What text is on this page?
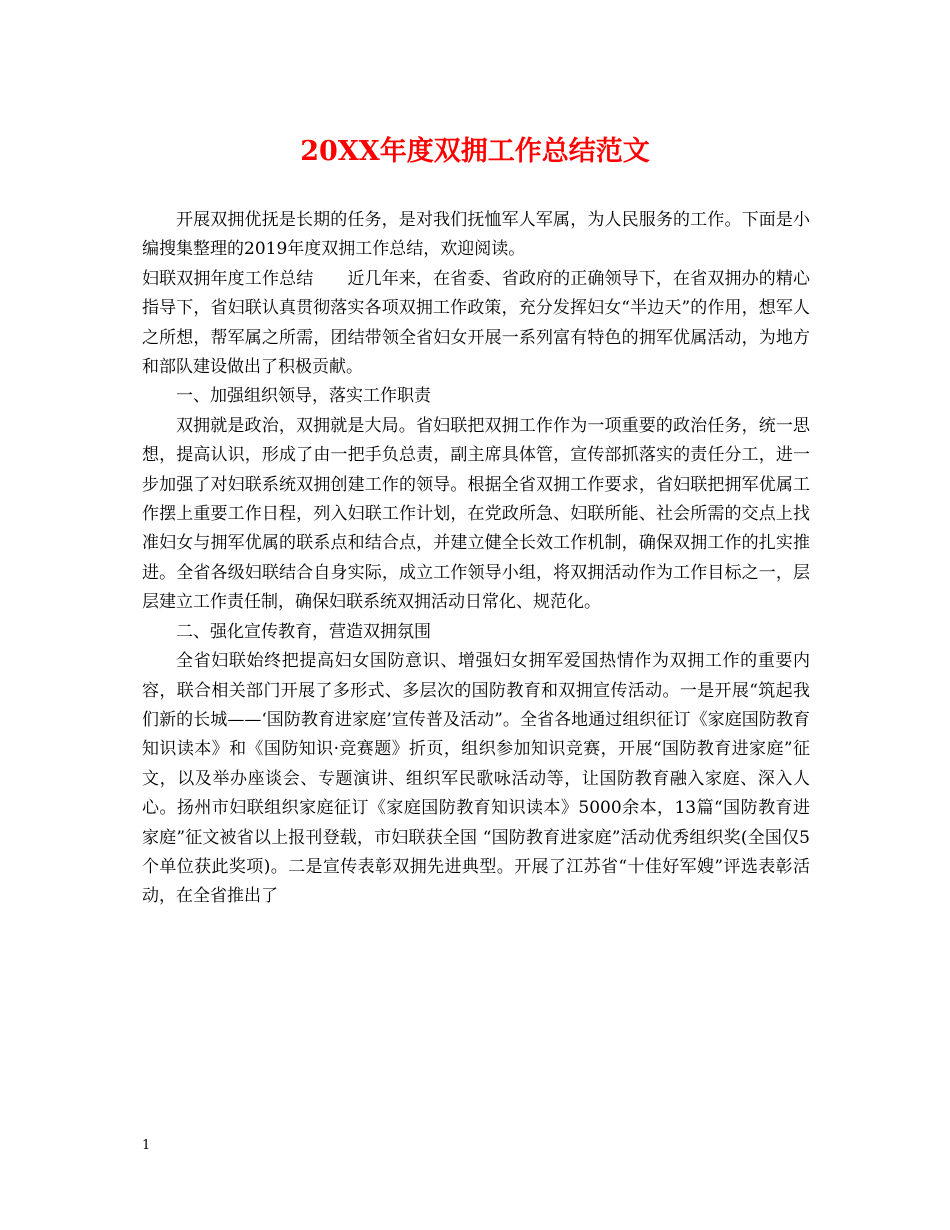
20XX年度双拥工作总结范文

开展双拥优抚是长期的任务，是对我们抚恤军人军属，为人民服务的工作。下面是小编搜集整理的2019年度双拥工作总结，欢迎阅读。

妇联双拥年度工作总结 近几年来，在省委、省政府的正确领导下，在省双拥办的精心指导下，省妇联认真贯彻落实各项双拥工作政策，充分发挥妇女“半边天”的作用，想军人之所想，帮军属之所需，团结带领全省妇女开展一系列富有特色的拥军优属活动，为地方和部队建设做出了积极贡献。

一、加强组织领导，落实工作职责

双拥就是政治，双拥就是大局。省妇联把双拥工作作为一项重要的政治任务，统一思想，提高认识，形成了由一把手负总责，副主席具体管，宣传部抓落实的责任分工，进一步加强了对妇联系统双拥创建工作的领导。根据全省双拥工作要求，省妇联把拥军优属工作摆上重要工作日程，列入妇联工作计划，在党政所急、妇联所能、社会所需的交点上找准妇女与拥军优属的联系点和结合点，并建立健全长效工作机制，确保双拥工作的扎实推进。全省各级妇联结合自身实际，成立工作领导小组，将双拥活动作为工作目标之一，层层建立工作责任制，确保妇联系统双拥活动日常化、规范化。

二、强化宣传教育，营造双拥氛围

全省妇联始终把提高妇女国防意识、增强妇女拥军爱国热情作为双拥工作的重要内容，联合相关部门开展了多形式、多层次的国防教育和双拥宣传活动。一是开展“筑起我们新的长城——‘国防教育进家庭’宣传普及活动”。全省各地通过组织征订《家庭国防教育知识读本》和《国防知识·竞赛题》折页，组织参加知识竞赛，开展“国防教育进家庭”征文，以及举办座谈会、专题演讲、组织军民歌咏活动等，让国防教育融入家庭、深入人心。扬州市妇联组织家庭征订《家庭国防教育知识读本》5000余本，13篇“国防教育进家庭”征文被省以上报刊登载，市妇联获全国 “国防教育进家庭”活动优秀组织奖(全国仅5个单位获此奖项)。二是宣传表彰双拥先进典型。开展了江苏省“十佳好军嫂”评选表彰活动，在全省推出了

1
